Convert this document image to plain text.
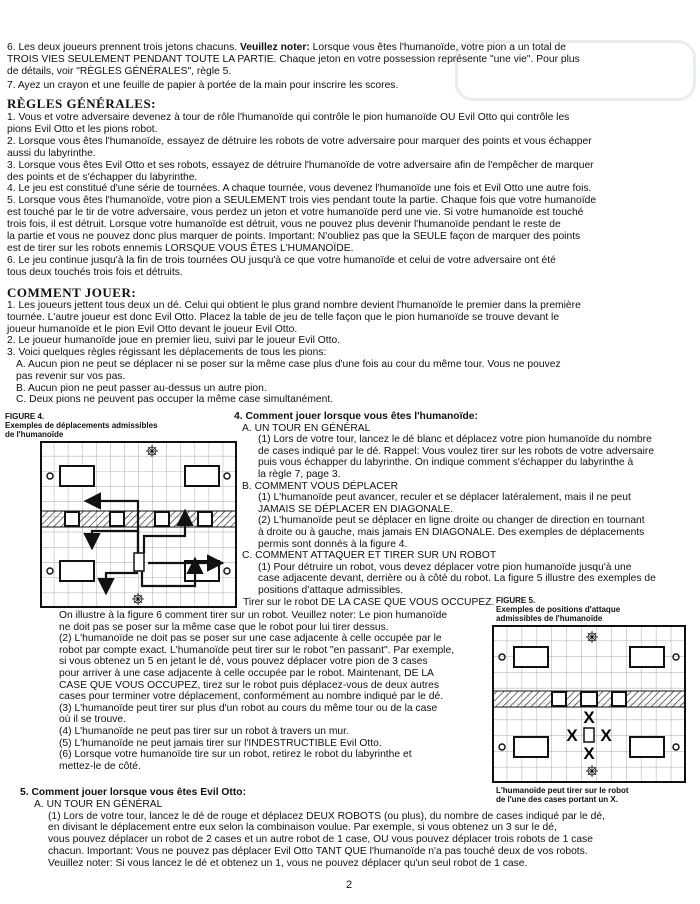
6. Les deux joueurs prennent trois jetons chacuns. Veuillez noter: Lorsque vous êtes l'humanoïde, votre pion a un total de
TROIS VIES SEULEMENT PENDANT TOUTE LA PARTIE. Chaque jeton en votre possession représente "une vie". Pour plus
de détails, voir "RÈGLES GÉNÉRALES", règle 5.
7. Ayez un crayon et une feuille de papier à portée de la main pour inscrire les scores.
RÈGLES GÉNÉRALES:
1. Vous et votre adversaire devenez à tour de rôle l'humanoïde qui contrôle le pion humanoïde OU Evil Otto qui contrôle les
pions Evil Otto et les pions robot.
2. Lorsque vous êtes l'humanoïde, essayez de détruire les robots de votre adversaire pour marquer des points et vous échapper
aussi du labyrinthe.
3. Lorsque vous êtes Evil Otto et ses robots, essayez de détruire l'humanoïde de votre adversaire afin de l'empêcher de marquer
des points et de s'échapper du labyrinthe.
4. Le jeu est constitué d'une série de tournées. A chaque tournée, vous devenez l'humanoïde une fois et Evil Otto une autre fois.
5. Lorsque vous êtes l'humanoïde, votre pion a SEULEMENT trois vies pendant toute la partie. Chaque fois que votre humanoïde
est touché par le tir de votre adversaire, vous perdez un jeton et votre humanoïde perd une vie. Si votre humanoïde est touché
trois fois, il est détruit. Lorsque votre humanoïde est détruit, vous ne pouvez plus devenir l'humanoïde pendant le reste de
la partie et vous ne pouvez donc plus marquer de points. Important: N'oubliez pas que la SEULE façon de marquer des points
est de tirer sur les robots ennemis LORSQUE VOUS ÊTES L'HUMANOÏDE.
6. Le jeu continue jusqu'à la fin de trois tournées OU jusqu'à ce que votre humanoïde et celui de votre adversaire ont été
tous deux touchés trois fois et détruits.
COMMENT JOUER:
1. Les joueurs jettent tous deux un dé. Celui qui obtient le plus grand nombre devient l'humanoïde le premier dans la première
tournée. L'autre joueur est donc Evil Otto. Placez la table de jeu de telle façon que le pion humanoïde se trouve devant le
joueur humanoïde et le pion Evil Otto devant le joueur Evil Otto.
2. Le joueur humanoïde joue en premier lieu, suivi par le joueur Evil Otto.
3. Voici quelques règles régissant les déplacements de tous les pions:
A. Aucun pion ne peut se déplacer ni se poser sur la même case plus d'une fois au cour du même tour. Vous ne pouvez
pas revenir sur vos pas.
B. Aucun pion ne peut passer au-dessus un autre pion.
C. Deux pions ne peuvent pas occuper la même case simultanément.
FIGURE 4.
Exemples de déplacements admissibles
de l'humanoïde
4. Comment jouer lorsque vous êtes l'humanoïde:
A. UN TOUR EN GÉNÉRAL
(1) Lors de votre tour, lancez le dé blanc et déplacez votre pion humanoïde du nombre
de cases indiqué par le dé. Rappel: Vous voulez tirer sur les robots de votre adversaire
puis vous échapper du labyrinthe. On indique comment s'échapper du labyrinthe à
la règle 7, page 3.
B. COMMENT VOUS DÉPLACER
(1) L'humanoïde peut avancer, reculer et se déplacer latéralement, mais il ne peut
JAMAIS SE DÉPLACER EN DIAGONALE.
(2) L'humanoïde peut se déplacer en ligne droite ou changer de direction en tournant
à droite ou à gauche, mais jamais EN DIAGONALE. Des exemples de déplacements
permis sont donnés à la figure 4.
C. COMMENT ATTAQUER ET TIRER SUR UN ROBOT
(1) Pour détruire un robot, vous devez déplacer votre pion humanoïde jusqu'à une
case adjacente devant, derrière ou à côté du robot. La figure 5 illustre des exemples de
positions d'attaque admissibles.
Tirer sur le robot DE LA CASE QUE VOUS OCCUPEZ. FIGURE 5.
Exemples de positions d'attaque
admissibles de l'humanoïde
X
X X
X
L'humanoïde peut tirer sur le robot
de l'une des cases portant un X.
On illustre à la figure 6 comment tirer sur un robot. Veuillez noter: Le pion humanoïde
ne doit pas se poser sur la même case que le robot pour lui tirer dessus.
(2) L'humanoïde ne doit pas se poser sur une case adjacente à celle occupée par le
robot par compte exact. L'humanoïde peut tirer sur le robot "en passant". Par exemple,
si vous obtenez un 5 en jetant le dé, vous pouvez déplacer votre pion de 3 cases
pour arriver à une case adjacente à celle occupée par le robot. Maintenant, DE LA
CASE QUE VOUS OCCUPEZ, tirez sur le robot puis déplacez-vous de deux autres
cases pour terminer votre déplacement, conformément au nombre indiqué par le dé.
(3) L'humanoïde peut tirer sur plus d'un robot au cours du même tour ou de la case
où il se trouve.
(4) L'humanoïde ne peut pas tirer sur un robot à travers un mur.
(5) L'humanoïde ne peut jamais tirer sur l'INDESTRUCTIBLE Evil Otto.
(6) Lorsque votre humanoïde tire sur un robot, retirez le robot du labyrinthe et
mettez-le de côté.
5. Comment jouer lorsque vous êtes Evil Otto:
A. UN TOUR EN GÉNÉRAL
(1) Lors de votre tour, lancez le dé de rouge et déplacez DEUX ROBOTS (ou plus), du nombre de cases indiqué par le dé,
en divisant le déplacement entre eux selon la combinaison voulue. Par exemple, si vous obtenez un 3 sur le dé,
vous pouvez déplacer un robot de 2 cases et un autre robot de 1 case, OU vous pouvez déplacer trois robots de 1 case
chacun. Important: Vous ne pouvez pas déplacer Evil Otto TANT QUE l'humanoïde n'a pas touché deux de vos robots.
Veuillez noter: Si vous lancez le dé et obtenez un 1, vous ne pouvez déplacer qu'un seul robot de 1 case.
2
